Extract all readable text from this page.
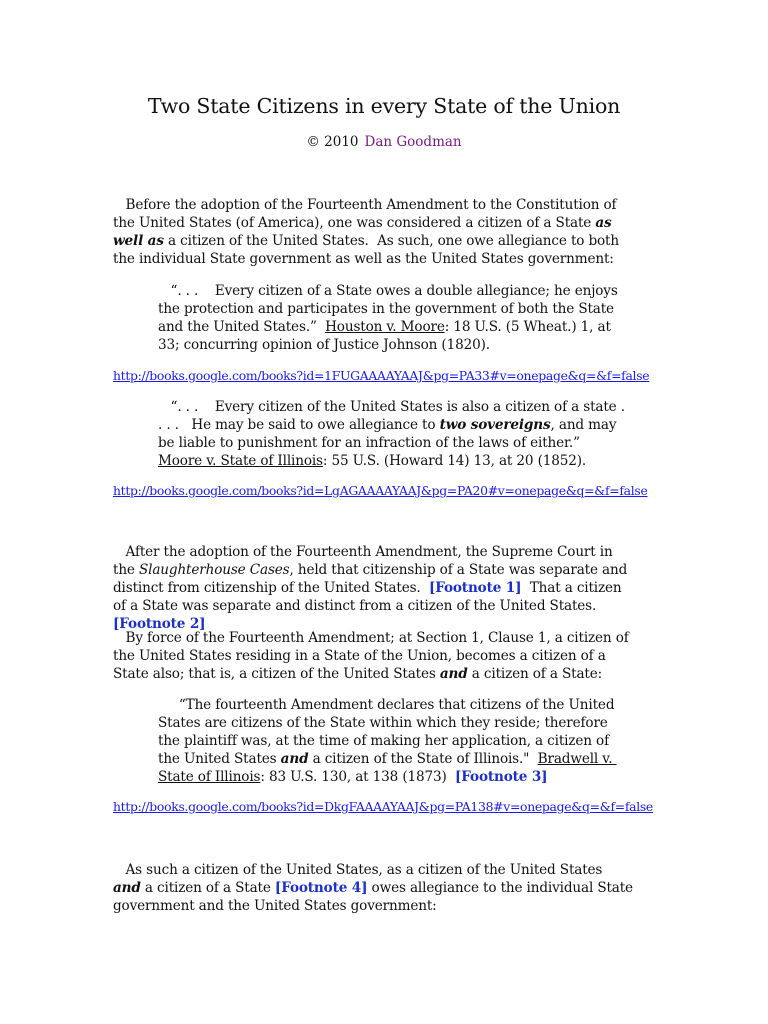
Two State Citizens in every State of the Union
© 2010 Dan Goodman

Before the adoption of the Fourteenth Amendment to the Constitution of the United States (of America), one was considered a citizen of a State as well as a citizen of the United States.  As such, one owe allegiance to both the individual State government as well as the United States government:

“. . .    Every citizen of a State owes a double allegiance; he enjoys the protection and participates in the government of both the State and the United States.”  Houston v. Moore: 18 U.S. (5 Wheat.) 1, at 33; concurring opinion of Justice Johnson (1820).

http://books.google.com/books?id=1FUGAAAAYAAJ&pg=PA33#v=onepage&q=&f=false

“. . .    Every citizen of the United States is also a citizen of a state . . . .   He may be said to owe allegiance to two sovereigns, and may be liable to punishment for an infraction of the laws of either.”  Moore v. State of Illinois: 55 U.S. (Howard 14) 13, at 20 (1852).

http://books.google.com/books?id=LgAGAAAAYAAJ&pg=PA20#v=onepage&q=&f=false

After the adoption of the Fourteenth Amendment, the Supreme Court in the Slaughterhouse Cases, held that citizenship of a State was separate and distinct from citizenship of the United States.  [Footnote 1]  That a citizen of a State was separate and distinct from a citizen of the United States.  [Footnote 2]

By force of the Fourteenth Amendment; at Section 1, Clause 1, a citizen of the United States residing in a State of the Union, becomes a citizen of a State also; that is, a citizen of the United States and a citizen of a State:

“The fourteenth Amendment declares that citizens of the United States are citizens of the State within which they reside; therefore the plaintiff was, at the time of making her application, a citizen of the United States and a citizen of the State of Illinois."  Bradwell v. State of Illinois: 83 U.S. 130, at 138 (1873)  [Footnote 3]

http://books.google.com/books?id=DkgFAAAAYAAJ&pg=PA138#v=onepage&q=&f=false

As such a citizen of the United States, as a citizen of the United States and a citizen of a State [Footnote 4] owes allegiance to the individual State government and the United States government:
